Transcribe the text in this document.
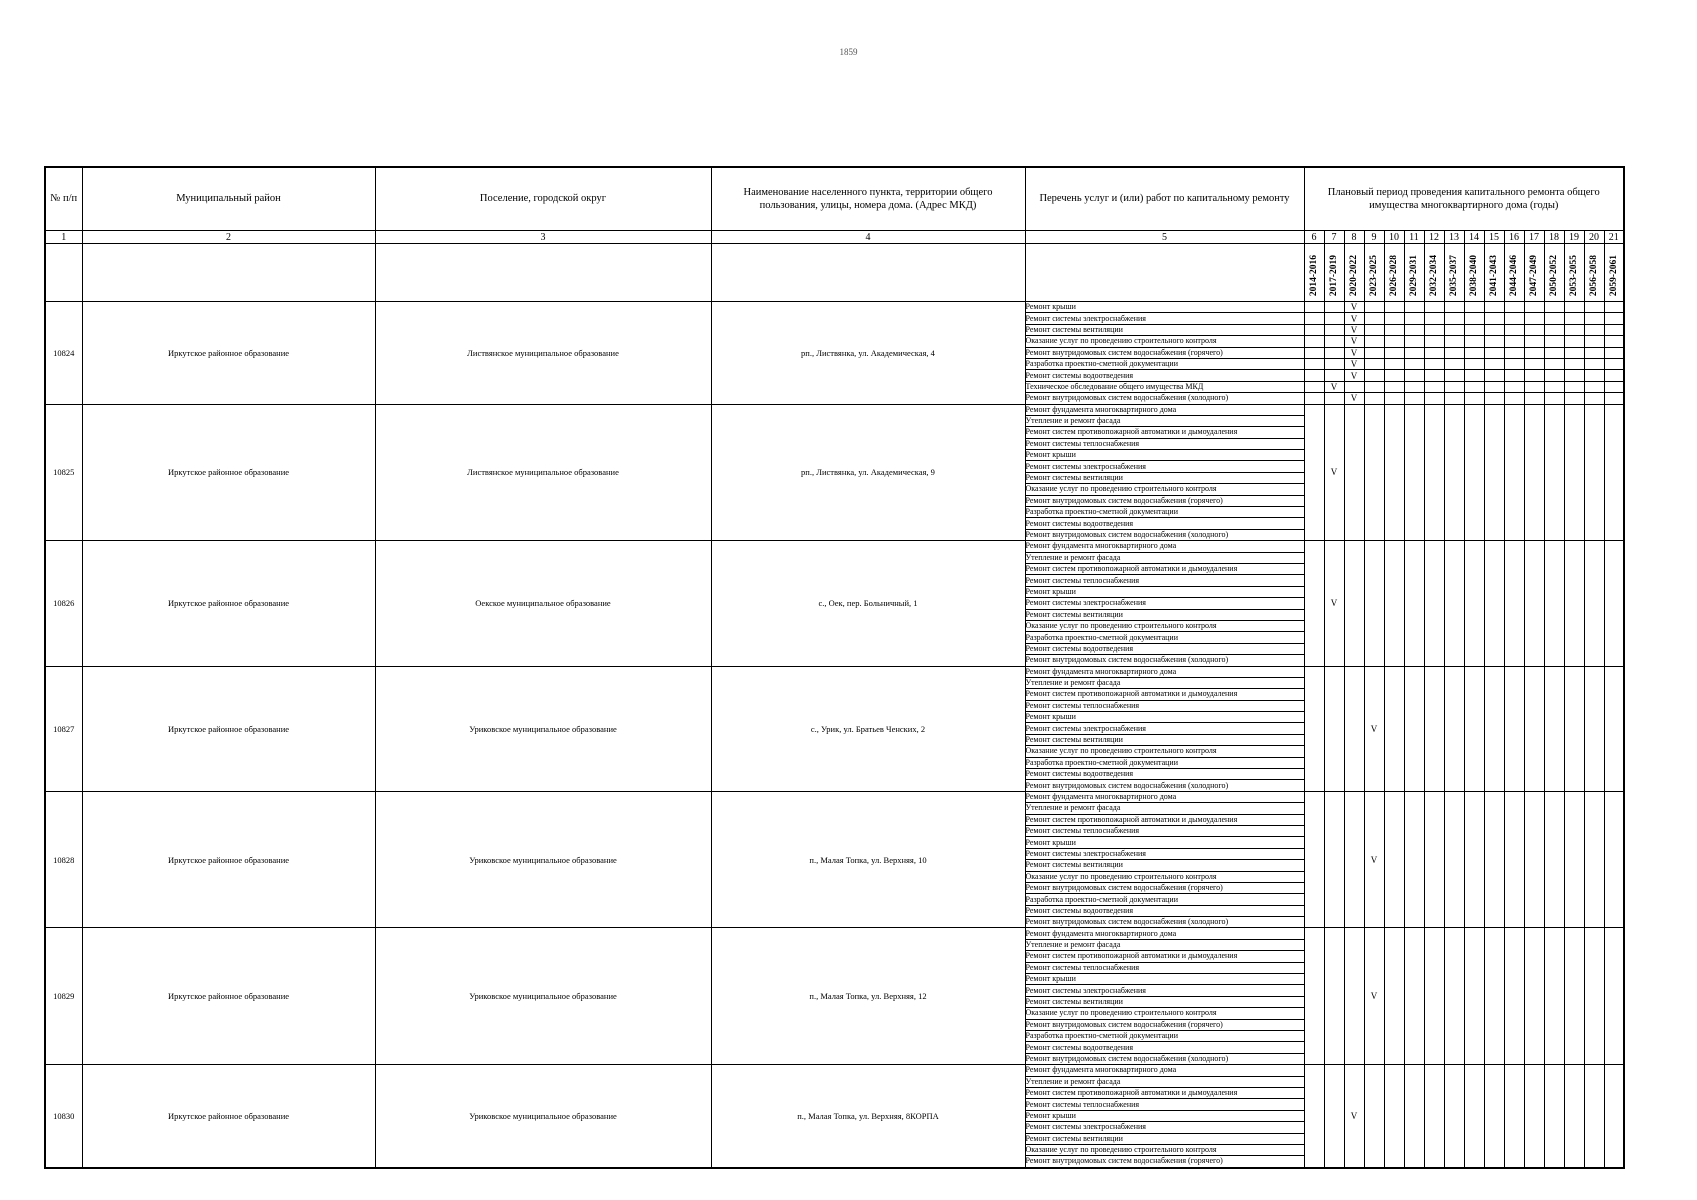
1859
№ п/п	Муниципальный район	Поселение, городской округ	Наименование населенного пункта, территории общего пользования, улицы, номера дома. (Адрес МКД)	Перечень услуг и (или) работ по капитальному ремонту	Плановый период проведения капитального ремонта общего имущества многоквартирного дома (годы)															
1	2	3	4	5	6	7	8	9	10	11	12	13	14	15	16	17	18	19	20	21
					2014-2016	2017-2019	2020-2022	2023-2025	2026-2028	2029-2031	2032-2034	2035-2037	2038-2040	2041-2043	2044-2046	2047-2049	2050-2052	2053-2055	2056-2058	2059-2061
10824	Иркутское районное образование	Листвянское муниципальное образование	рп., Листвянка, ул. Академическая, 4	Ремонт крыши			V													
				Ремонт системы электроснабжения			V													
				Ремонт системы вентиляции			V													
				Оказание услуг по проведению строительного контроля			V													
				Ремонт внутридомовых систем водоснабжения (горячего)			V													
				Разработка проектно-сметной документации			V													
				Ремонт системы водоотведения			V													
				Техническое обследование общего имущества МКД		V														
				Ремонт внутридомовых систем водоснабжения (холодного)			V													
10825	Иркутское районное образование	Листвянское муниципальное образование	рп., Листвянка, ул. Академическая, 9	Ремонт фундамента многоквартирного дома		V														
				Утепление и ремонт фасада																
				Ремонт систем противопожарной автоматики и дымоудаления																
				Ремонт системы теплоснабжения																
				Ремонт крыши																
				Ремонт системы электроснабжения																
				Ремонт системы вентиляции																
				Оказание услуг по проведению строительного контроля																
				Ремонт внутридомовых систем водоснабжения (горячего)																
				Разработка проектно-сметной документации																
				Ремонт системы водоотведения																
				Ремонт внутридомовых систем водоснабжения (холодного)																
10826	Иркутское районное образование	Оекское муниципальное образование	с., Оек, пер. Больничный, 1	Ремонт фундамента многоквартирного дома		V														
				Утепление и ремонт фасада																
				Ремонт систем противопожарной автоматики и дымоудаления																
				Ремонт системы теплоснабжения																
				Ремонт крыши																
				Ремонт системы электроснабжения																
				Ремонт системы вентиляции																
				Оказание услуг по проведению строительного контроля																
				Разработка проектно-сметной документации																
				Ремонт системы водоотведения																
				Ремонт внутридомовых систем водоснабжения (холодного)																
10827	Иркутское районное образование	Уриковское муниципальное образование	с., Урик, ул. Братьев Ченских, 2	Ремонт фундамента многоквартирного дома				V												
				Утепление и ремонт фасада																
				Ремонт систем противопожарной автоматики и дымоудаления																
				Ремонт системы теплоснабжения																
				Ремонт крыши																
				Ремонт системы электроснабжения																
				Ремонт системы вентиляции																
				Оказание услуг по проведению строительного контроля																
				Разработка проектно-сметной документации																
				Ремонт системы водоотведения																
				Ремонт внутридомовых систем водоснабжения (холодного)																
10828	Иркутское районное образование	Уриковское муниципальное образование	п., Малая Топка, ул. Верхняя, 10	Ремонт фундамента многоквартирного дома				V												
				Утепление и ремонт фасада																
				Ремонт систем противопожарной автоматики и дымоудаления																
				Ремонт системы теплоснабжения																
				Ремонт крыши																
				Ремонт системы электроснабжения																
				Ремонт системы вентиляции																
				Оказание услуг по проведению строительного контроля																
				Ремонт внутридомовых систем водоснабжения (горячего)																
				Разработка проектно-сметной документации																
				Ремонт системы водоотведения																
				Ремонт внутридомовых систем водоснабжения (холодного)																
10829	Иркутское районное образование	Уриковское муниципальное образование	п., Малая Топка, ул. Верхняя, 12	Ремонт фундамента многоквартирного дома				V												
				Утепление и ремонт фасада																
				Ремонт систем противопожарной автоматики и дымоудаления																
				Ремонт системы теплоснабжения																
				Ремонт крыши																
				Ремонт системы электроснабжения																
				Ремонт системы вентиляции																
				Оказание услуг по проведению строительного контроля																
				Ремонт внутридомовых систем водоснабжения (горячего)																
				Разработка проектно-сметной документации																
				Ремонт системы водоотведения																
				Ремонт внутридомовых систем водоснабжения (холодного)																
10830	Иркутское районное образование	Уриковское муниципальное образование	п., Малая Топка, ул. Верхняя, 8КОРПА	Ремонт фундамента многоквартирного дома			V													
				Утепление и ремонт фасада																
				Ремонт систем противопожарной автоматики и дымоудаления																
				Ремонт системы теплоснабжения																
				Ремонт крыши																
				Ремонт системы электроснабжения																
				Ремонт системы вентиляции																
				Оказание услуг по проведению строительного контроля																
				Ремонт внутридомовых систем водоснабжения (горячего)																
